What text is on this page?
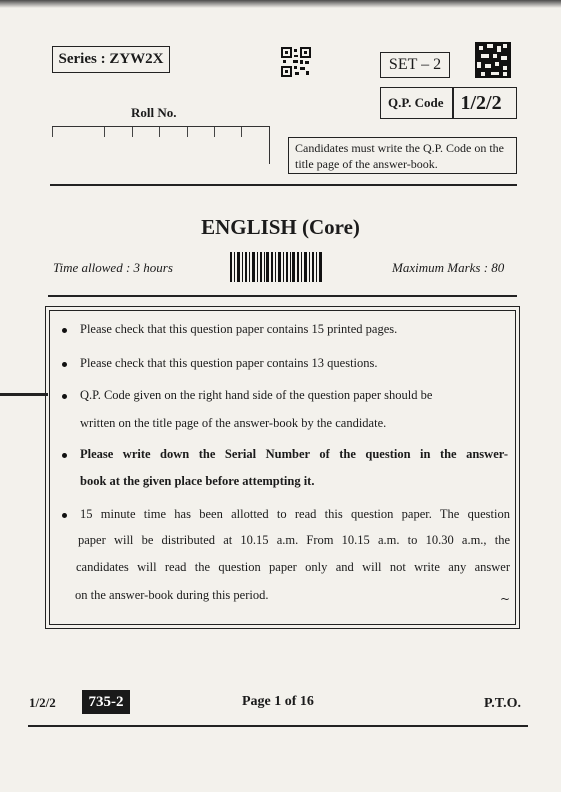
Series : ZYW2X	SET – 2
Q.P. Code 1/2/2
Roll No.
Candidates must write the Q.P. Code on the title page of the answer-book.
ENGLISH (Core)
Time allowed : 3 hours	Maximum Marks : 80
Please check that this question paper contains 15 printed pages.
Please check that this question paper contains 13 questions.
Q.P. Code given on the right hand side of the question paper should be
written on the title page of the answer-book by the candidate.
Please write down the Serial Number of the question in the answer-
book at the given place before attempting it.
15 minute time has been allotted to read this question paper. The question
paper will be distributed at 10.15 a.m. From 10.15 a.m. to 10.30 a.m., the
candidates will read the question paper only and will not write any answer
on the answer-book during this period.	~
1/2/2	735-2	Page 1 of 16	P.T.O.
